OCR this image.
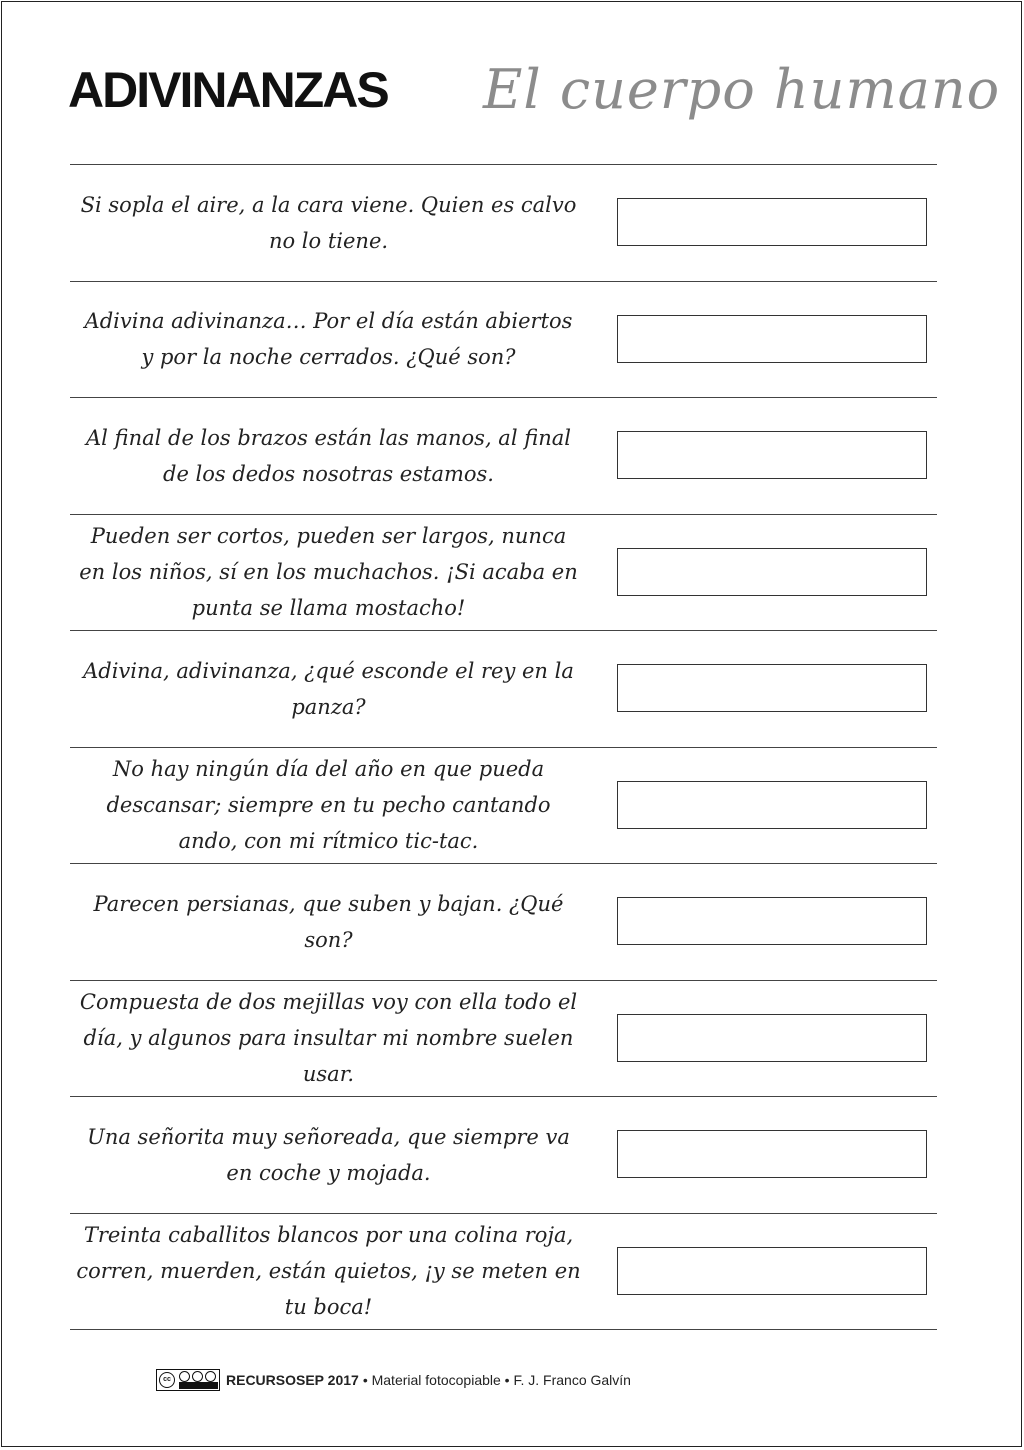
ADIVINANZAS El cuerpo humano
Si sopla el aire, a la cara viene. Quien es calvo no lo tiene.
Adivina adivinanza… Por el día están abiertos y por la noche cerrados. ¿Qué son?
Al final de los brazos están las manos, al final de los dedos nosotras estamos.
Pueden ser cortos, pueden ser largos, nunca en los niños, sí en los muchachos. ¡Si acaba en punta se llama mostacho!
Adivina, adivinanza, ¿qué esconde el rey en la panza?
No hay ningún día del año en que pueda descansar; siempre en tu pecho cantando ando, con mi rítmico tic-tac.
Parecen persianas, que suben y bajan. ¿Qué son?
Compuesta de dos mejillas voy con ella todo el día, y algunos para insultar mi nombre suelen usar.
Una señorita muy señoreada, que siempre va en coche y mojada.
Treinta caballitos blancos por una colina roja, corren, muerden, están quietos, ¡y se meten en tu boca!
cc	RECURSOSEP 2017 • Material fotocopiable • F. J. Franco Galvín
